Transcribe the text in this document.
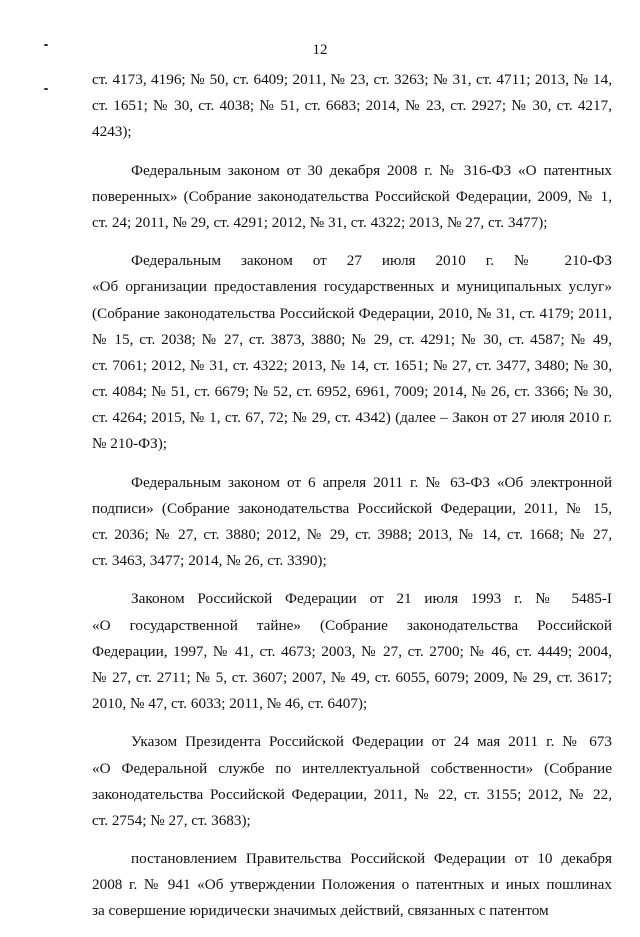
12
ст. 4173, 4196; № 50, ст. 6409; 2011, № 23, ст. 3263; № 31, ст. 4711; 2013, № 14,
ст. 1651; № 30, ст. 4038; № 51, ст. 6683; 2014, № 23, ст. 2927; № 30, ст. 4217,
4243);
Федеральным законом от 30 декабря 2008 г. № 316-ФЗ «О патентных
поверенных» (Собрание законодательства Российской Федерации, 2009, № 1,
ст. 24; 2011, № 29, ст. 4291; 2012, № 31, ст. 4322; 2013, № 27, ст. 3477);
Федеральным законом от 27 июля 2010 г. № 210-ФЗ
«Об организации предоставления государственных и муниципальных услуг»
(Собрание законодательства Российской Федерации, 2010, № 31, ст. 4179; 2011,
№ 15, ст. 2038; № 27, ст. 3873, 3880; № 29, ст. 4291; № 30, ст. 4587; № 49,
ст. 7061; 2012, № 31, ст. 4322; 2013, № 14, ст. 1651; № 27, ст. 3477, 3480; № 30,
ст. 4084; № 51, ст. 6679; № 52, ст. 6952, 6961, 7009; 2014, № 26, ст. 3366; № 30,
ст. 4264; 2015, № 1, ст. 67, 72; № 29, ст. 4342) (далее – Закон от 27 июля 2010 г.
№ 210-ФЗ);
Федеральным законом от 6 апреля 2011 г. № 63-ФЗ «Об электронной
подписи» (Собрание законодательства Российской Федерации, 2011, № 15,
ст. 2036; № 27, ст. 3880; 2012, № 29, ст. 3988; 2013, № 14, ст. 1668; № 27,
ст. 3463, 3477; 2014, № 26, ст. 3390);
Законом Российской Федерации от 21 июля 1993 г. № 5485-I
«О государственной тайне» (Собрание законодательства Российской
Федерации, 1997, № 41, ст. 4673; 2003, № 27, ст. 2700; № 46, ст. 4449; 2004,
№ 27, ст. 2711; № 5, ст. 3607; 2007, № 49, ст. 6055, 6079; 2009, № 29, ст. 3617;
2010, № 47, ст. 6033; 2011, № 46, ст. 6407);
Указом Президента Российской Федерации от 24 мая 2011 г. № 673
«О Федеральной службе по интеллектуальной собственности» (Собрание
законодательства Российской Федерации, 2011, № 22, ст. 3155; 2012, № 22,
ст. 2754; № 27, ст. 3683);
постановлением Правительства Российской Федерации от 10 декабря
2008 г. № 941 «Об утверждении Положения о патентных и иных пошлинах
за совершение юридически значимых действий, связанных с патентом
